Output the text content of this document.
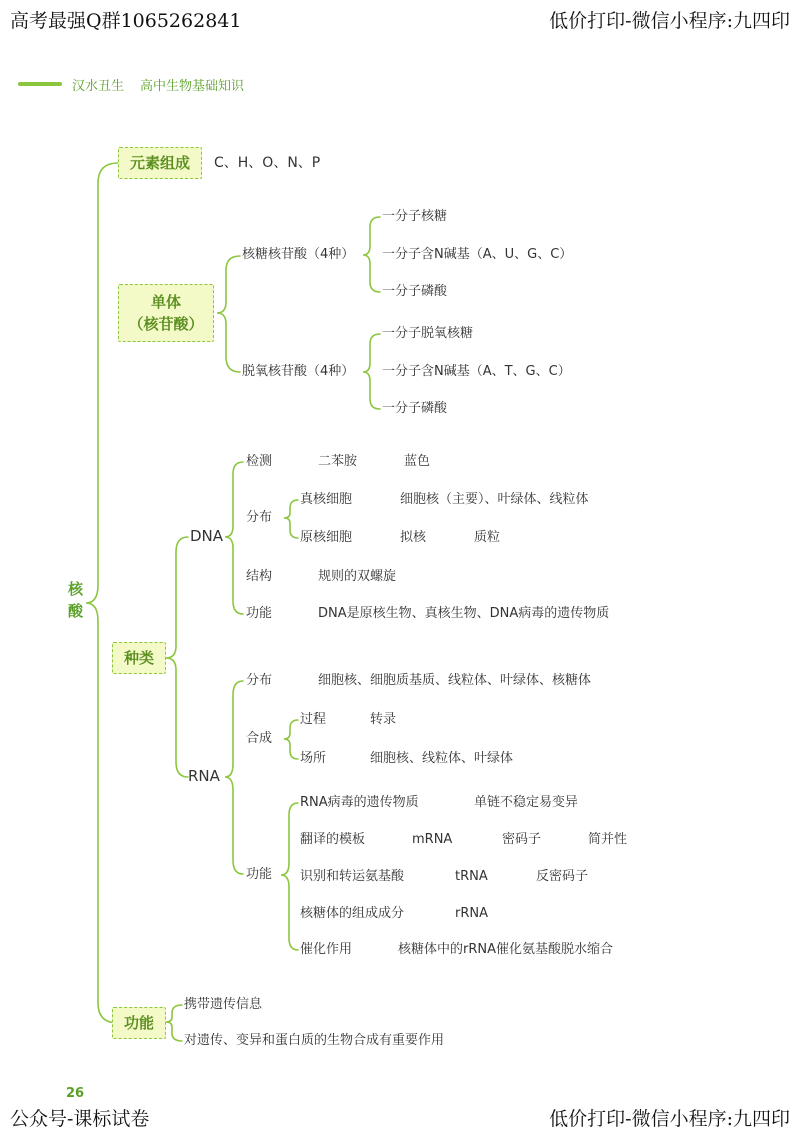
高考最强Q群1065262841	低价打印-微信小程序:九四印
公众号-课标试卷	低价打印-微信小程序:九四印
26
汉水丑生 高中生物基础知识
核
酸
元素组成 C、H、O、N、P
单体
（核苷酸）
核糖核苷酸（4种）
一分子核糖
一分子含N碱基（A、U、G、C）
一分子磷酸
脱氧核苷酸（4种）
一分子脱氧核糖
一分子含N碱基（A、T、G、C）
一分子磷酸
种类
DNA
检测	二苯胺	蓝色
分布
真核细胞	细胞核（主要）、叶绿体、线粒体
原核细胞	拟核	质粒
结构	规则的双螺旋
功能	DNA是原核生物、真核生物、DNA病毒的遗传物质
RNA
分布	细胞核、细胞质基质、线粒体、叶绿体、核糖体
合成
过程	转录
场所	细胞核、线粒体、叶绿体
功能
RNA病毒的遗传物质	单链不稳定易变异
翻译的模板	mRNA	密码子	简并性
识别和转运氨基酸	tRNA	反密码子
核糖体的组成成分	rRNA
催化作用	核糖体中的rRNA催化氨基酸脱水缩合
功能
携带遗传信息
对遗传、变异和蛋白质的生物合成有重要作用
